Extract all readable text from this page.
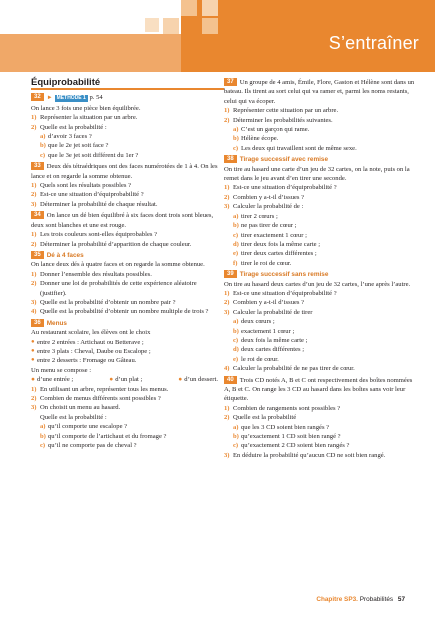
S’entraîner
Équiprobabilité
32 ► MÉTHODE 1 p. 54
On lance 3 fois une pièce bien équilibrée.
1) Représenter la situation par un arbre.
2) Quelle est la probabilité :
a) d’avoir 3 faces ?
b) que le 2e jet soit face ?
c) que le 3e jet soit différent du 1er ?
33 Deux dés tétraédriques ont des faces numérotées de 1 à 4. On les lance et on regarde la somme obtenue.
1) Quels sont les résultats possibles ?
2) Est-ce une situation d’équiprobabilité ?
3) Déterminer la probabilité de chaque résultat.
34 On lance un dé bien équilibré à six faces dont trois sont bleues, deux sont blanches et une est rouge.
1) Les trois couleurs sont-elles équiprobables ?
2) Déterminer la probabilité d’apparition de chaque couleur.
35 Dé à 4 faces
On lance deux dés à quatre faces et on regarde la somme obtenue.
1) Donner l’ensemble des résultats possibles.
2) Donner une loi de probabilités de cette expérience aléatoire (justifier).
3) Quelle est la probabilité d’obtenir un nombre pair ?
4) Quelle est la probabilité d’obtenir un nombre multiple de trois ?
36 Menus
Au restaurant scolaire, les élèves ont le choix
● entre 2 entrées : Artichaut ou Betterave ;
● entre 3 plats : Cheval, Daube ou Escalope ;
● entre 2 desserts : Fromage ou Gâteau.
Un menu se compose :
● d’une entrée ;	● d’un plat ;	● d’un dessert.
1) En utilisant un arbre, représenter tous les menus.
2) Combien de menus différents sont possibles ?
3) On choisit un menu au hasard.
Quelle est la probabilité :
a) qu’il comporte une escalope ?
b) qu’il comporte de l’artichaut et du fromage ?
c) qu’il ne comporte pas de cheval ?
37 Un groupe de 4 amis, Émile, Flore, Gaston et Hélène sont dans un bateau. Ils tirent au sort celui qui va ramer et, parmi les noms restants, celui qui va écoper.
1) Représenter cette situation par un arbre.
2) Déterminer les probabilités suivantes.
a) C’est un garçon qui rame.
b) Hélène écope.
c) Les deux qui travaillent sont de même sexe.
38 Tirage successif avec remise
On tire au hasard une carte d’un jeu de 32 cartes, on la note, puis on la remet dans le jeu avant d’en tirer une seconde.
1) Est-ce une situation d’équiprobabilité ?
2) Combien y a-t-il d’issues ?
3) Calculer la probabilité de :
a) tirer 2 cœurs ;
b) ne pas tirer de cœur ;
c) tirer exactement 1 cœur ;
d) tirer deux fois la même carte ;
e) tirer deux cartes différentes ;
f) tirer le roi de cœur.
39 Tirage successif sans remise
On tire au hasard deux cartes d’un jeu de 32 cartes, l’une après l’autre.
1) Est-ce une situation d’équiprobabilité ?
2) Combien y a-t-il d’issues ?
3) Calculer la probabilité de tirer
a) deux cœurs ;
b) exactement 1 cœur ;
c) deux fois la même carte ;
d) deux cartes différentes ;
e) le roi de cœur.
4) Calculer la probabilité de ne pas tirer de cœur.
40 Trois CD notés A, B et C ont respectivement des boîtes nommées A, B et C. On range les 3 CD au hasard dans les boîtes sans voir leur étiquette.
1) Combien de rangements sont possibles ?
2) Quelle est la probabilité
a) que les 3 CD soient bien rangés ?
b) qu’exactement 1 CD soit bien rangé ?
c) qu’exactement 2 CD soient bien rangés ?
3) En déduire la probabilité qu’aucun CD ne soit bien rangé.
Chapitre SP3. Probabilités 57
